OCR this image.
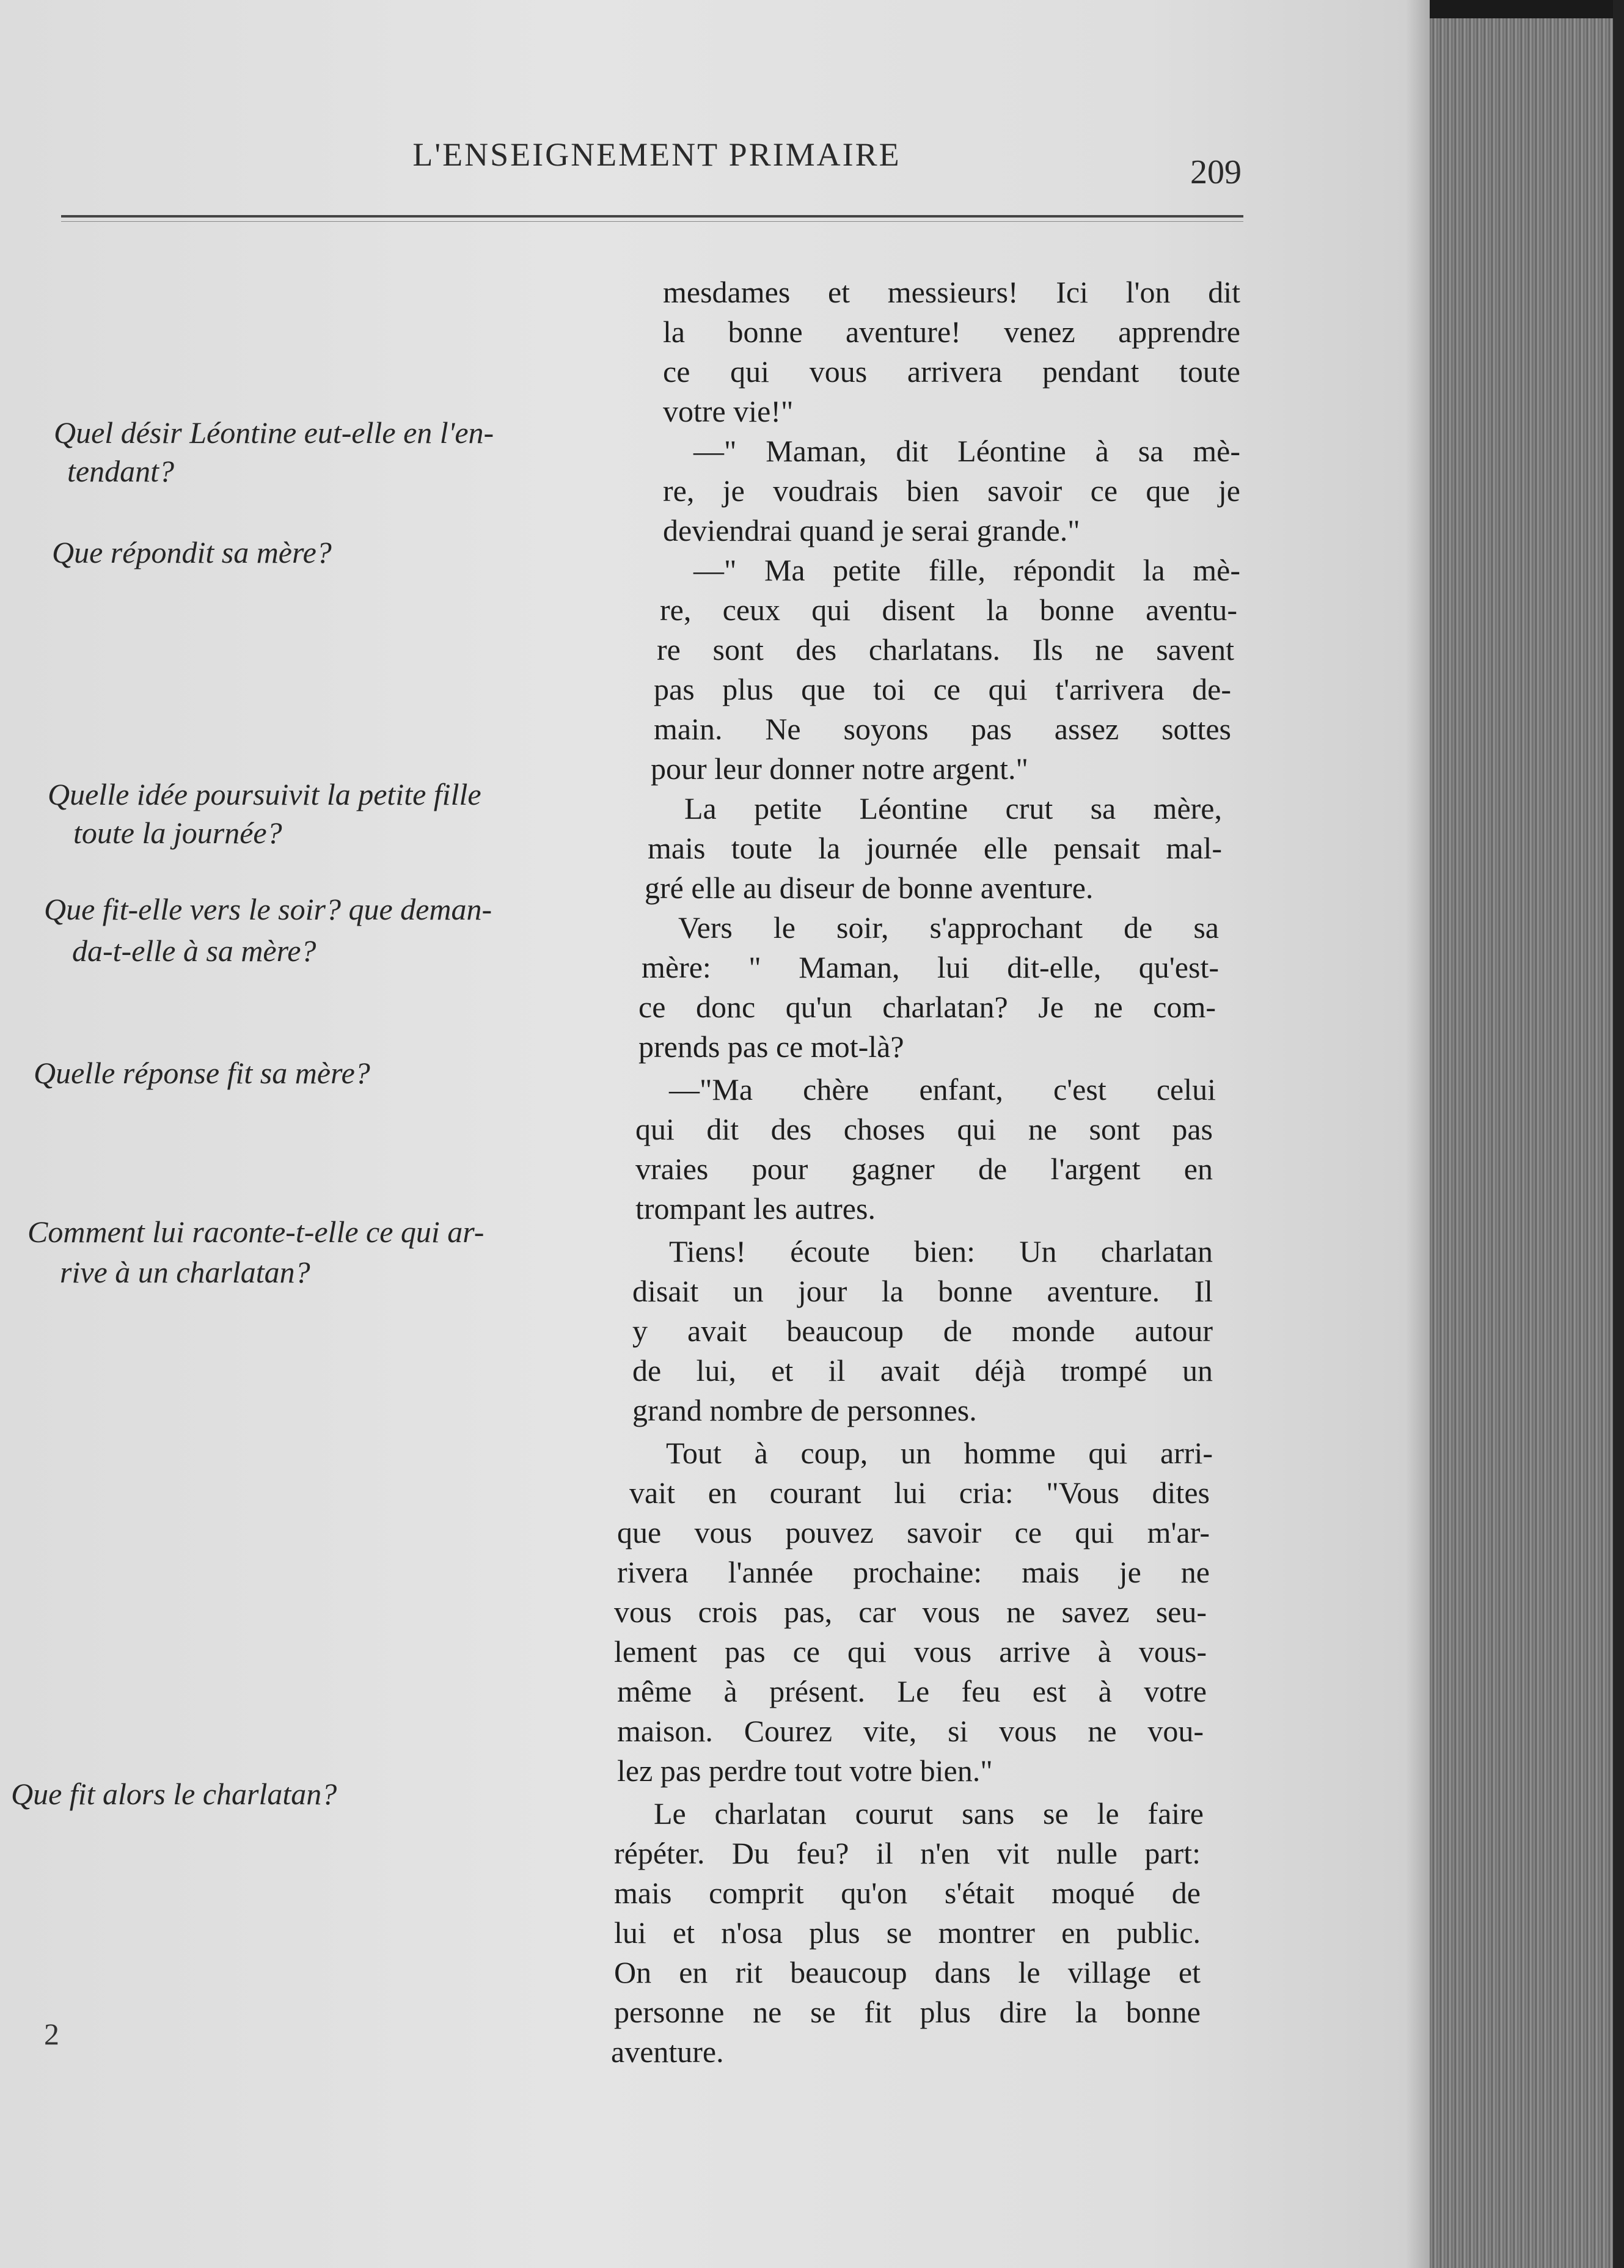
L'ENSEIGNEMENT PRIMAIRE	209
Quel désir Léontine eut-elle en l'en-
tendant?
Que répondit sa mère?
Quelle idée poursuivit la petite fille
toute la journée?
Que fit-elle vers le soir? que deman-
da-t-elle à sa mère?
Quelle réponse fit sa mère?
Comment lui raconte-t-elle ce qui ar-
rive à un charlatan?
Que fit alors le charlatan?
mesdames et messieurs! Ici l'on dit
la bonne aventure! venez apprendre
ce qui vous arrivera pendant toute
votre vie!"
—" Maman, dit Léontine à sa mè-
re, je voudrais bien savoir ce que je
deviendrai quand je serai grande."
—" Ma petite fille, répondit la mè-
re, ceux qui disent la bonne aventu-
re sont des charlatans. Ils ne savent
pas plus que toi ce qui t'arrivera de-
main. Ne soyons pas assez sottes
pour leur donner notre argent."
La petite Léontine crut sa mère,
mais toute la journée elle pensait mal-
gré elle au diseur de bonne aventure.
Vers le soir, s'approchant de sa
mère: " Maman, lui dit-elle, qu'est-
ce donc qu'un charlatan? Je ne com-
prends pas ce mot-là?
—"Ma chère enfant, c'est celui
qui dit des choses qui ne sont pas
vraies pour gagner de l'argent en
trompant les autres.
Tiens! écoute bien: Un charlatan
disait un jour la bonne aventure. Il
y avait beaucoup de monde autour
de lui, et il avait déjà trompé un
grand nombre de personnes.
Tout à coup, un homme qui arri-
vait en courant lui cria: "Vous dites
que vous pouvez savoir ce qui m'ar-
rivera l'année prochaine: mais je ne
vous crois pas, car vous ne savez seu-
lement pas ce qui vous arrive à vous-
même à présent. Le feu est à votre
maison. Courez vite, si vous ne vou-
lez pas perdre tout votre bien."
Le charlatan courut sans se le faire
répéter. Du feu? il n'en vit nulle part:
mais comprit qu'on s'était moqué de
lui et n'osa plus se montrer en public.
On en rit beaucoup dans le village et
personne ne se fit plus dire la bonne
aventure.
2
